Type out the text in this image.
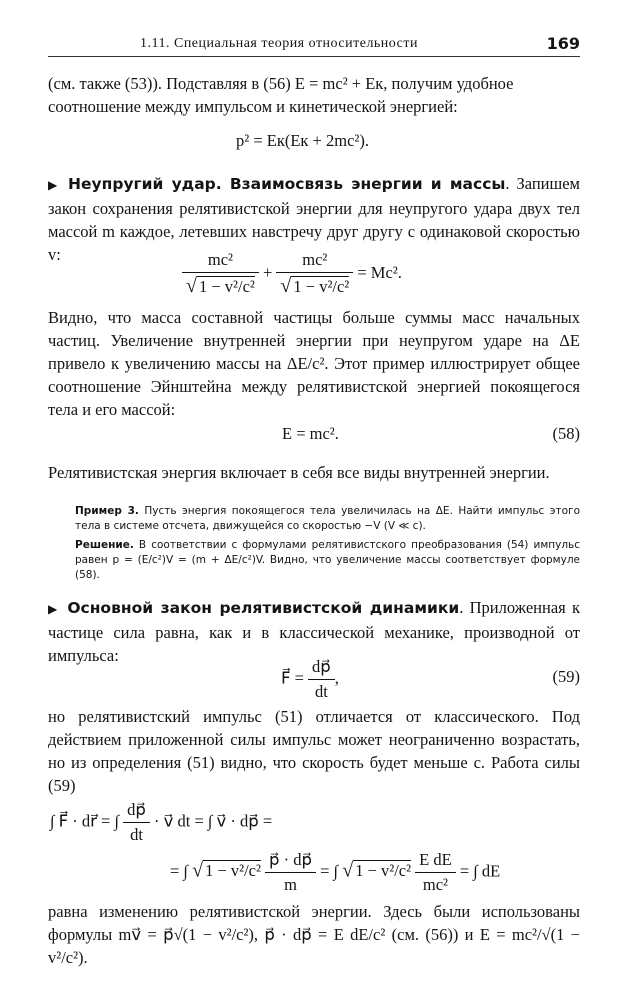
1.11. Специальная теория относительности	169
(см. также (53)). Подставляя в (56) E = mc² + Eк, получим удобное
соотношение между импульсом и кинетической энергией:
p² = Eк(Eк + 2mc²).
▶ Неупругий удар. Взаимосвязь энергии и массы. Запишем закон сохранения релятивистской энергии для неупругого удара двух тел массой m каждое, летевших навстречу друг другу с одинаковой скоростью v:	$\frac{\text{mc²}}{\text{√ 1 − v²/c²}} + \frac{\text{mc²}}{\text{√ 1 − v²/c²}} = Mc^2$.
Видно, что масса составной частицы больше суммы масс начальных частиц. Увеличение внутренней энергии при неупругом ударе на ΔE привело к увеличению массы на ΔE/c². Этот пример иллюстрирует общее соотношение Эйнштейна между релятивистской энергией покоящегося тела и его массой:
E = mc².	(58)
Релятивистская энергия включает в себя все виды внутренней энергии.
Пример 3. Пусть энергия покоящегося тела увеличилась на ΔE. Найти импульс этого тела в системе отсчета, движущейся со скоростью −V (V ≪ c).
Решение. В соответствии с формулами релятивистского преобразования (54) импульс равен p = (E/c²)V = (m + ΔE/c²)V. Видно, что увеличение массы соответствует формуле (58).
▶ Основной закон релятивистской динамики. Приложенная к частице сила равна, как и в классической механике, производной от импульса:
F⃗ = $\frac{dp⃗}{dt}$ ,	(59)
но релятивистский импульс (51) отличается от классического. Под действием приложенной силы импульс может неограниченно возрастать, но из определения (51) видно, что скорость будет меньше c. Работа силы (59)
∫ F⃗ · dr⃗ = ∫ $\frac{dp⃗}{dt}$ · v⃗ dt = ∫ v⃗ · dp⃗ =
= ∫ √ $1 - v^2/c^2 \frac{p⃗ \cdot dp⃗}{m}$ = ∫ √ $1 - v^2/c^2 \frac{\text{E dE}}{\text{mc²}}$ = ∫ dE
равна изменению релятивистской энергии. Здесь были использованы формулы mv⃗ = p⃗√(1 − v²/c²), p⃗ · dp⃗ = E dE/c² (см. (56)) и E = mc²/√(1 − v²/c²).
